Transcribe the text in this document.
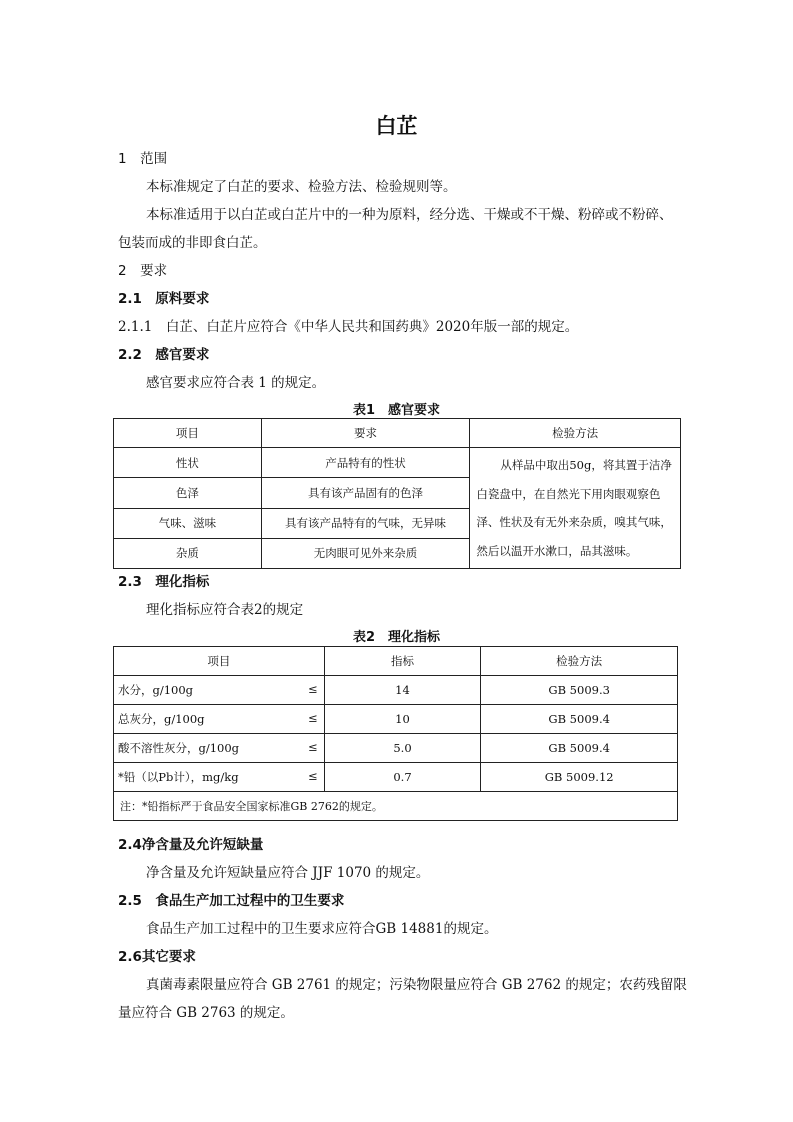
白芷
1　范围
本标准规定了白芷的要求、检验方法、检验规则等。
本标准适用于以白芷或白芷片中的一种为原料，经分选、干燥或不干燥、粉碎或不粉碎、
包装而成的非即食白芷。
2　要求
2.1　原料要求
2.1.1　白芷、白芷片应符合《中华人民共和国药典》2020年版一部的规定。
2.2　感官要求
感官要求应符合表 1 的规定。
表1　感官要求
项目	要求	检验方法
性状	产品特有的性状	从样品中取出50g，将其置于洁净白瓷盘中，在自然光下用肉眼观察色泽、性状及有无外来杂质，嗅其气味，然后以温开水漱口，品其滋味。
色泽	具有该产品固有的色泽	
气味、滋味	具有该产品特有的气味，无异味	
杂质	无肉眼可见外来杂质	
2.3　理化指标
理化指标应符合表2的规定
表2　理化指标
项目	指标	检验方法

水分，g/100g ≤	14	GB 5009.3

总灰分，g/100g ≤	10	GB 5009.4

酸不溶性灰分，g/100g ≤	5.0	GB 5009.4

*铅（以Pb计），mg/kg ≤	0.7	GB 5009.12
注：*铅指标严于食品安全国家标准GB 2762的规定。		
2.4净含量及允许短缺量
净含量及允许短缺量应符合 JJF 1070 的规定。
2.5　食品生产加工过程中的卫生要求
食品生产加工过程中的卫生要求应符合GB 14881的规定。
2.6其它要求
真菌毒素限量应符合 GB 2761 的规定；污染物限量应符合 GB 2762 的规定；农药残留限
量应符合 GB 2763 的规定。
